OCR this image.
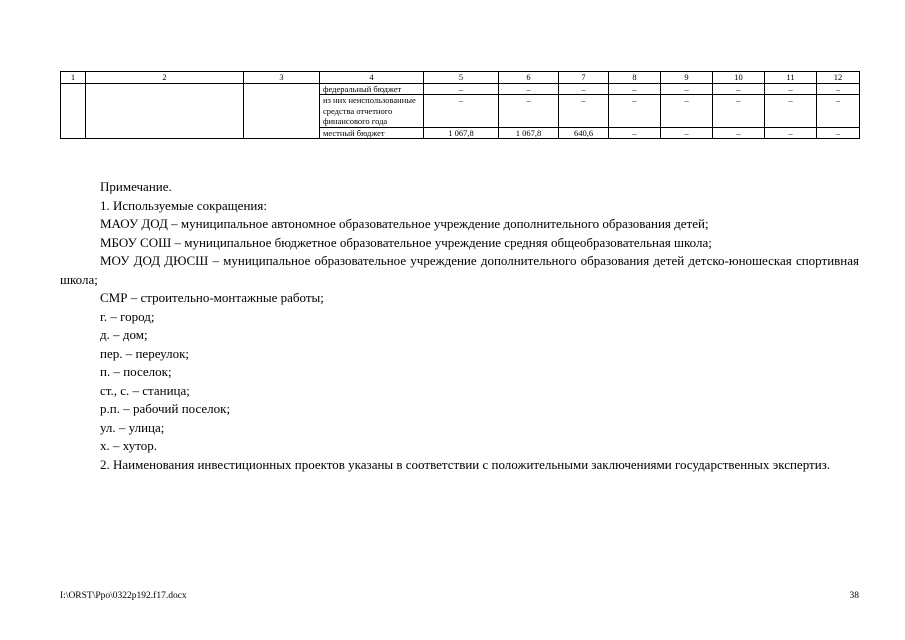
1	2	3	4	5	6	7	8	9	10	11	12
			федеральный бюджет	–	–	–	–	–	–	–	–
			из них неиспользованные средства отчетного финансового года	–	–	–	–	–	–	–	–
			местный бюджет	1 067,8	1 067,8	640,6	–	–	–	–	–

Примечание.

1. Используемые сокращения:

МАОУ ДОД – муниципальное автономное образовательное учреждение дополнительного образования детей;

МБОУ СОШ – муниципальное бюджетное образовательное учреждение средняя общеобразовательная школа;

МОУ ДОД ДЮСШ – муниципальное образовательное учреждение дополнительного образования детей детско-юношеская спортивная школа;

СМР – строительно-монтажные работы;

г. – город;

д. – дом;

пер. – переулок;

п. – поселок;

ст., с. – станица;

р.п. – рабочий поселок;

ул. – улица;

х. – хутор.

2. Наименования инвестиционных проектов указаны в соответствии с положительными заключениями государственных экспертиз.

I:\ORST\Ppo\0322p192.f17.docx	38
